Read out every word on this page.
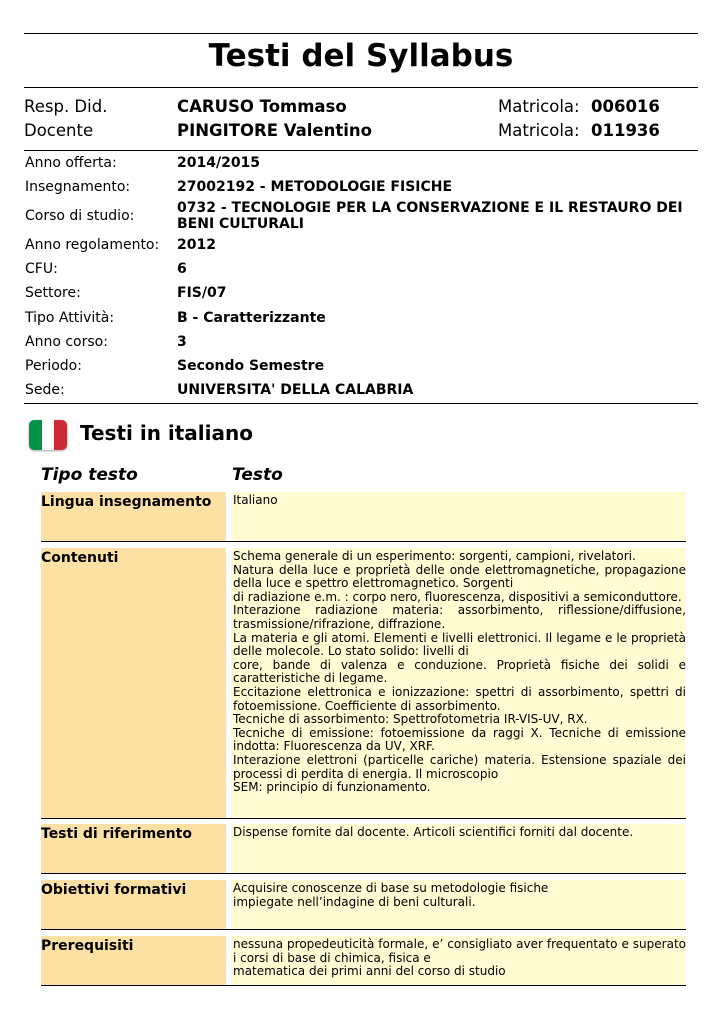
Testi del Syllabus
Resp. Did.	CARUSO Tommaso	Matricola: 006016
Docente	PINGITORE Valentino	Matricola: 011936
Anno offerta:	2014/2015
Insegnamento:	27002192 - METODOLOGIE FISICHE
Corso di studio:	0732 - TECNOLOGIE PER LA CONSERVAZIONE E IL RESTAURO DEI BENI CULTURALI
Anno regolamento: 2012
CFU:	6
Settore:	FIS/07
Tipo Attività:	B - Caratterizzante
Anno corso:	3
Periodo:	Secondo Semestre
Sede:	UNIVERSITA' DELLA CALABRIA
Testi in italiano
Tipo testo	Testo
Lingua insegnamento	Italiano
Contenuti	Schema generale di un esperimento: sorgenti, campioni, rivelatori.
Natura della luce e proprietà delle onde elettromagnetiche, propagazione della luce e spettro elettromagnetico. Sorgenti
di radiazione e.m. : corpo nero, fluorescenza, dispositivi a semiconduttore.
Interazione radiazione materia: assorbimento, riflessione/diffusione, trasmissione/rifrazione, diffrazione.
La materia e gli atomi. Elementi e livelli elettronici. Il legame e le proprietà delle molecole. Lo stato solido: livelli di
core, bande di valenza e conduzione. Proprietà fisiche dei solidi e caratteristiche di legame.
Eccitazione elettronica e ionizzazione: spettri di assorbimento, spettri di fotoemissione. Coefficiente di assorbimento.
Tecniche di assorbimento: Spettrofotometria IR-VIS-UV, RX.
Tecniche di emissione: fotoemissione da raggi X. Tecniche di emissione indotta: Fluorescenza da UV, XRF.
Interazione elettroni (particelle cariche) materia. Estensione spaziale dei processi di perdita di energia. Il microscopio
SEM: principio di funzionamento.
Testi di riferimento	Dispense fornite dal docente. Articoli scientifici forniti dal docente.
Obiettivi formativi	Acquisire conoscenze di base su metodologie fisiche
impiegate nell’indagine di beni culturali.
Prerequisiti	nessuna propedeuticità formale, e’ consigliato aver frequentato e superato i corsi di base di chimica, fisica e
matematica dei primi anni del corso di studio
